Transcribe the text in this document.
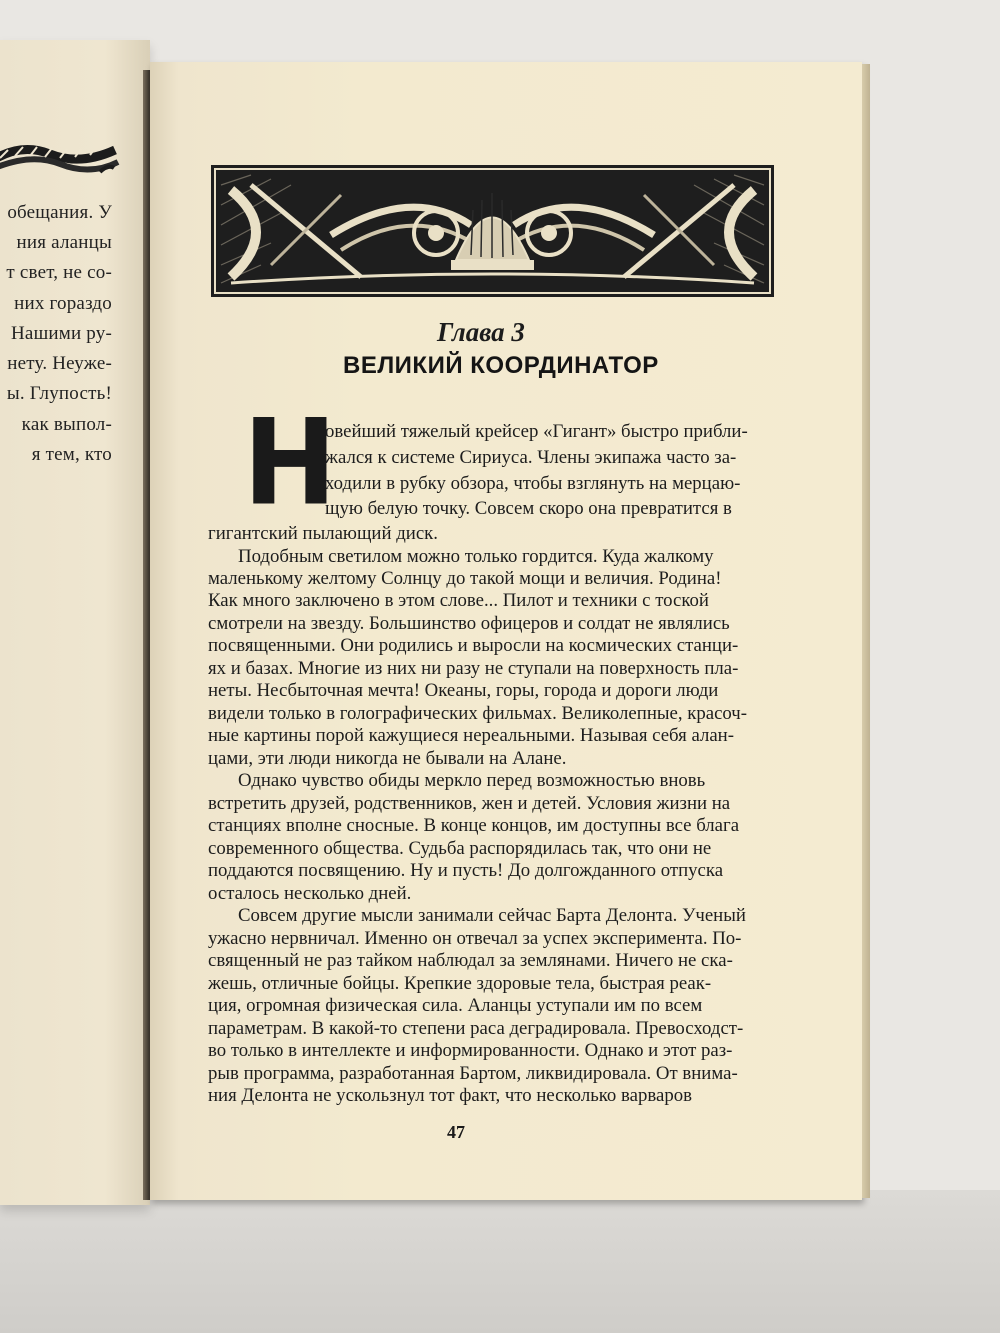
обещания. У
ния аланцы
т свет, не со-
них гораздо
Нашими ру-
нету. Неуже-
ы. Глупость!
как выпол-
я тем, кто
Глава 3
ВЕЛИКИЙ КООРДИНАТОР
Н
овейший тяжелый крейсер «Гигант» быстро прибли-
жался к системе Сириуса. Члены экипажа часто за-
ходили в рубку обзора, чтобы взглянуть на мерцаю-
щую белую точку. Совсем скоро она превратится в
гигантский пылающий диск.
Подобным светилом можно только гордится. Куда жалкому
маленькому желтому Солнцу до такой мощи и величия. Родина!
Как много заключено в этом слове... Пилот и техники с тоской
смотрели на звезду. Большинство офицеров и солдат не являлись
посвященными. Они родились и выросли на космических станци-
ях и базах. Многие из них ни разу не ступали на поверхность пла-
неты. Несбыточная мечта! Океаны, горы, города и дороги люди
видели только в голографических фильмах. Великолепные, красоч-
ные картины порой кажущиеся нереальными. Называя себя алан-
цами, эти люди никогда не бывали на Алане.
Однако чувство обиды меркло перед возможностью вновь
встретить друзей, родственников, жен и детей. Условия жизни на
станциях вполне сносные. В конце концов, им доступны все блага
современного общества. Судьба распорядилась так, что они не
поддаются посвящению. Ну и пусть! До долгожданного отпуска
осталось несколько дней.
Совсем другие мысли занимали сейчас Барта Делонта. Ученый
ужасно нервничал. Именно он отвечал за успех эксперимента. По-
священный не раз тайком наблюдал за землянами. Ничего не ска-
жешь, отличные бойцы. Крепкие здоровые тела, быстрая реак-
ция, огромная физическая сила. Аланцы уступали им по всем
параметрам. В какой-то степени раса деградировала. Превосходст-
во только в интеллекте и информированности. Однако и этот раз-
47
рыв программа, разработанная Бартом, ликвидировала. От внима-
ния Делонта не ускользнул тот факт, что несколько варваров
